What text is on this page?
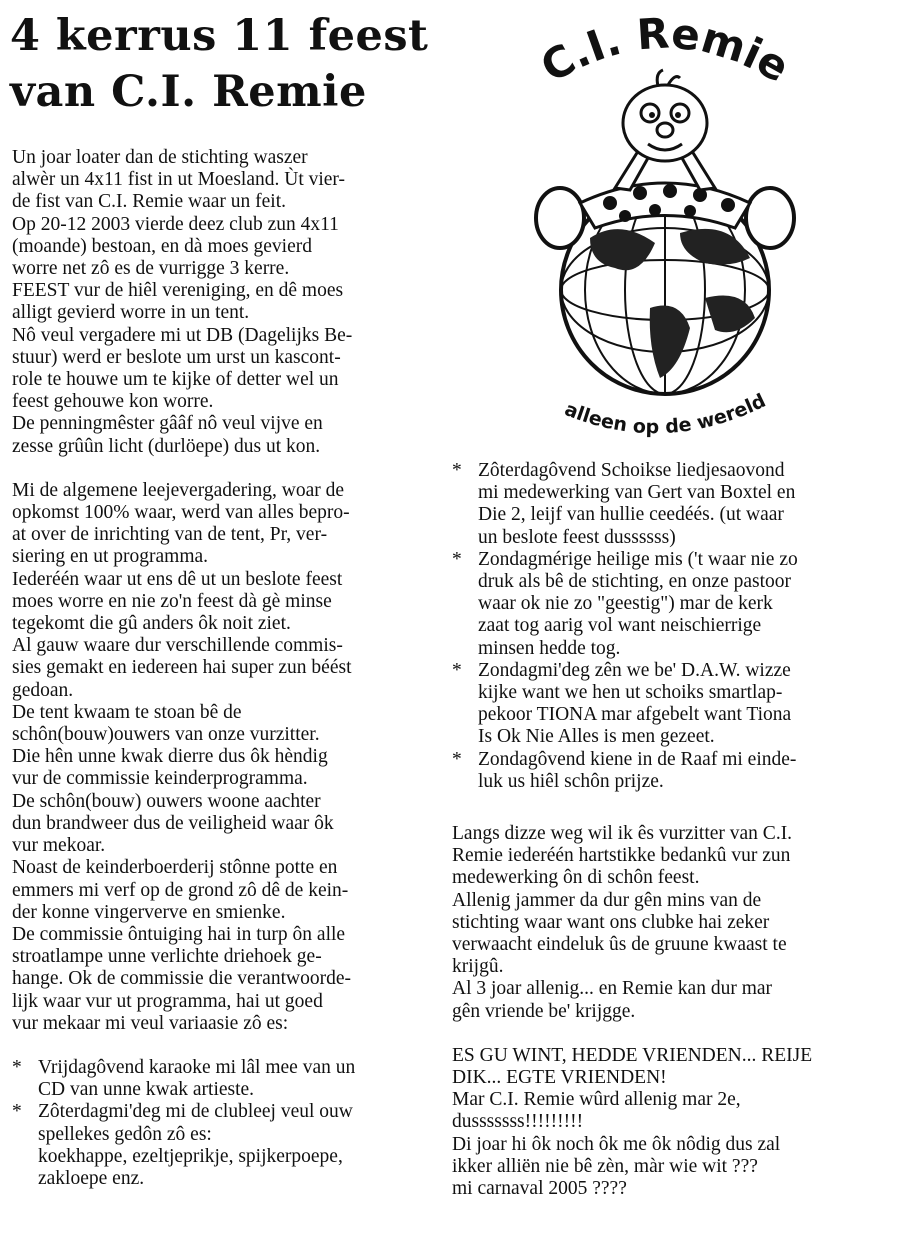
4 kerrus 11 feest
van C.I. Remie

Un joar loater dan de stichting waszer
alwèr un 4x11 fist in ut Moesland. Ùt vier-
de fist van C.I. Remie waar un feit.

Op 20-12 2003 vierde deez club zun 4x11
(moande) bestoan, en dà moes gevierd
worre net zô es de vurrigge 3 kerre.

FEEST vur de hiêl vereniging, en dê moes
alligt gevierd worre in un tent.

Nô veul vergadere mi ut DB (Dagelijks Be-
stuur) werd er beslote um urst un kascont-
role te houwe um te kijke of detter wel un
feest gehouwe kon worre.

De penningmêster gââf nô veul vijve en
zesse grûûn licht (durlöepe) dus ut kon.

Mi de algemene leejevergadering, woar de
opkomst 100% waar, werd van alles bepro-
at over de inrichting van de tent, Pr, ver-
siering en ut programma.

Iederéén waar ut ens dê ut un beslote feest
moes worre en nie zo'n feest dà gè minse
tegekomt die gû anders ôk noit ziet.

Al gauw waare dur verschillende commis-
sies gemakt en iedereen hai super zun béést
gedoan.

De tent kwaam te stoan bê de
schôn(bouw)ouwers van onze vurzitter.

Die hên unne kwak dierre dus ôk hèndig
vur de commissie keinderprogramma.

De schôn(bouw) ouwers woone aachter
dun brandweer dus de veiligheid waar ôk
vur mekoar.

Noast de keinderboerderij stônne potte en
emmers mi verf op de grond zô dê de kein-
der konne vingerverve en smienke.

De commissie ôntuiging hai in turp ôn alle
stroatlampe unne verlichte driehoek ge-
hange. Ok de commissie die verantwoorde-
lijk waar vur ut programma, hai ut goed
vur mekaar mi veul variaasie zô es:

* Vrijdagôvend karaoke mi lâl mee van un
CD van unne kwak artieste.
* Zôterdagmi'deg mi de clubleej veul ouw
spellekes gedôn zô es:
koekhappe, ezeltjeprikje, spijkerpoepe,
zakloepe enz.
C.I. Remie
alleen op de wereld
* Zôterdagôvend Schoikse liedjesaovond
mi medewerking van Gert van Boxtel en
Die 2, leijf van hullie ceedéés. (ut waar
un beslote feest dussssss)
* Zondagmérige heilige mis ('t waar nie zo
druk als bê de stichting, en onze pastoor
waar ok nie zo "geestig") mar de kerk
zaat tog aarig vol want neischierrige
minsen hedde tog.
* Zondagmi'deg zên we be' D.A.W. wizze
kijke want we hen ut schoiks smartlap-
pekoor TIONA mar afgebelt want Tiona
Is Ok Nie Alles is men gezeet.
* Zondagôvend kiene in de Raaf mi einde-
luk us hiêl schôn prijze.

Langs dizze weg wil ik ês vurzitter van C.I.
Remie iederéén hartstikke bedankû vur zun
medewerking ôn di schôn feest.

Allenig jammer da dur gên mins van de
stichting waar want ons clubke hai zeker
verwaacht eindeluk ûs de gruune kwaast te
krijgû.

Al 3 joar allenig... en Remie kan dur mar
gên vriende be' krijgge.

ES GU WINT, HEDDE VRIENDEN... REIJE
DIK... EGTE VRIENDEN!

Mar C.I. Remie wûrd allenig mar 2e,
dusssssss!!!!!!!!!

Di joar hi ôk noch ôk me ôk nôdig dus zal
ikker alliën nie bê zèn, màr wie wit ???
mi carnaval 2005 ????
